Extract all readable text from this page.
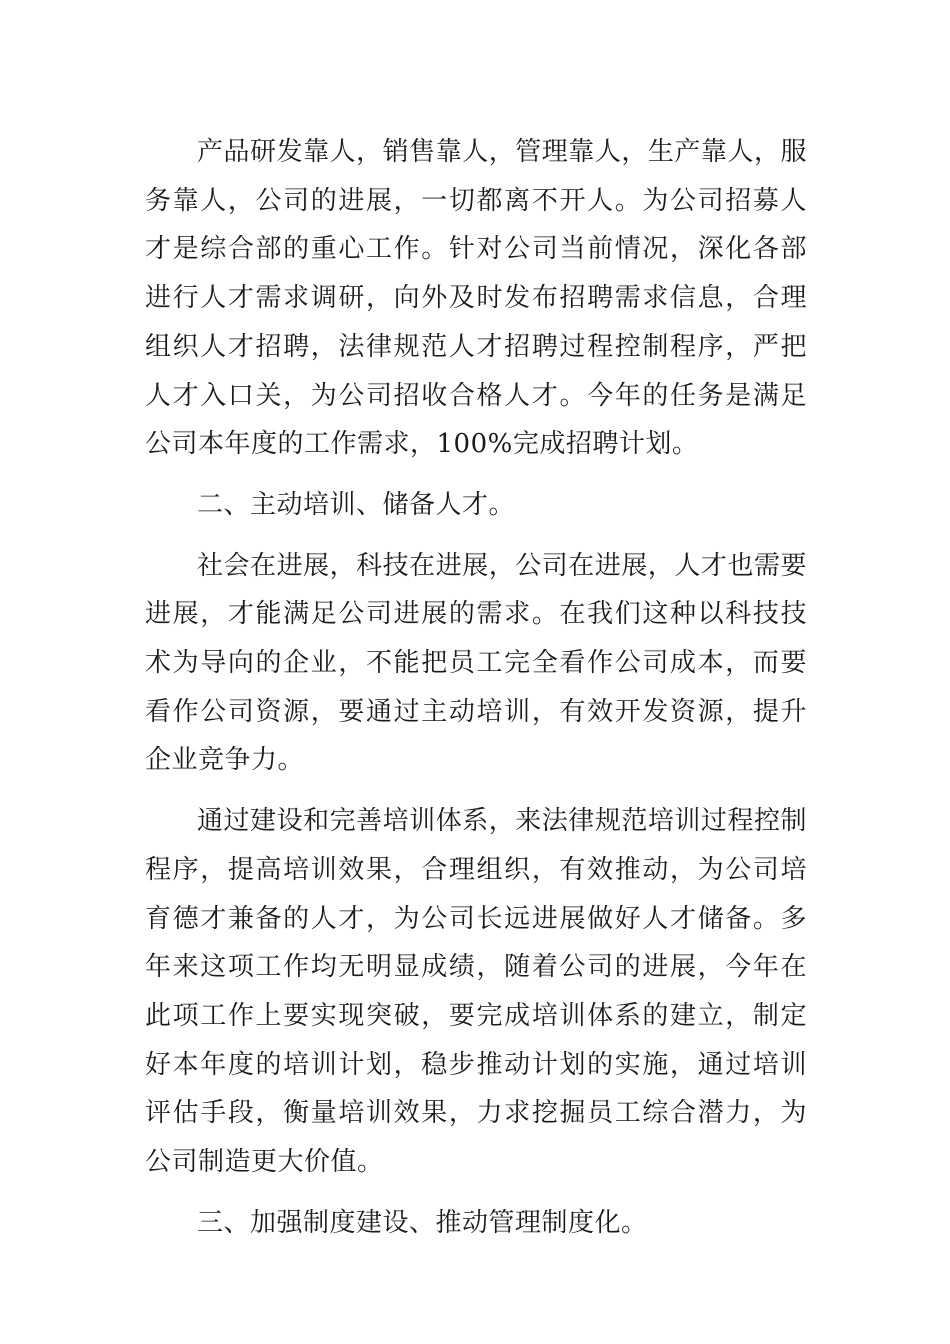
产品研发靠人，销售靠人，管理靠人，生产靠人，服务靠人，公司的进展，一切都离不开人。为公司招募人才是综合部的重心工作。针对公司当前情况，深化各部进行人才需求调研，向外及时发布招聘需求信息，合理组织人才招聘，法律规范人才招聘过程控制程序，严把人才入口关，为公司招收合格人才。今年的任务是满足公司本年度的工作需求，100%完成招聘计划。

二、主动培训、储备人才。

社会在进展，科技在进展，公司在进展，人才也需要进展，才能满足公司进展的需求。在我们这种以科技技术为导向的企业，不能把员工完全看作公司成本，而要看作公司资源，要通过主动培训，有效开发资源，提升企业竞争力。

通过建设和完善培训体系，来法律规范培训过程控制程序，提高培训效果，合理组织，有效推动，为公司培育德才兼备的人才，为公司长远进展做好人才储备。多年来这项工作均无明显成绩，随着公司的进展，今年在此项工作上要实现突破，要完成培训体系的建立，制定好本年度的培训计划，稳步推动计划的实施，通过培训评估手段，衡量培训效果，力求挖掘员工综合潜力，为公司制造更大价值。

三、加强制度建设、推动管理制度化。
